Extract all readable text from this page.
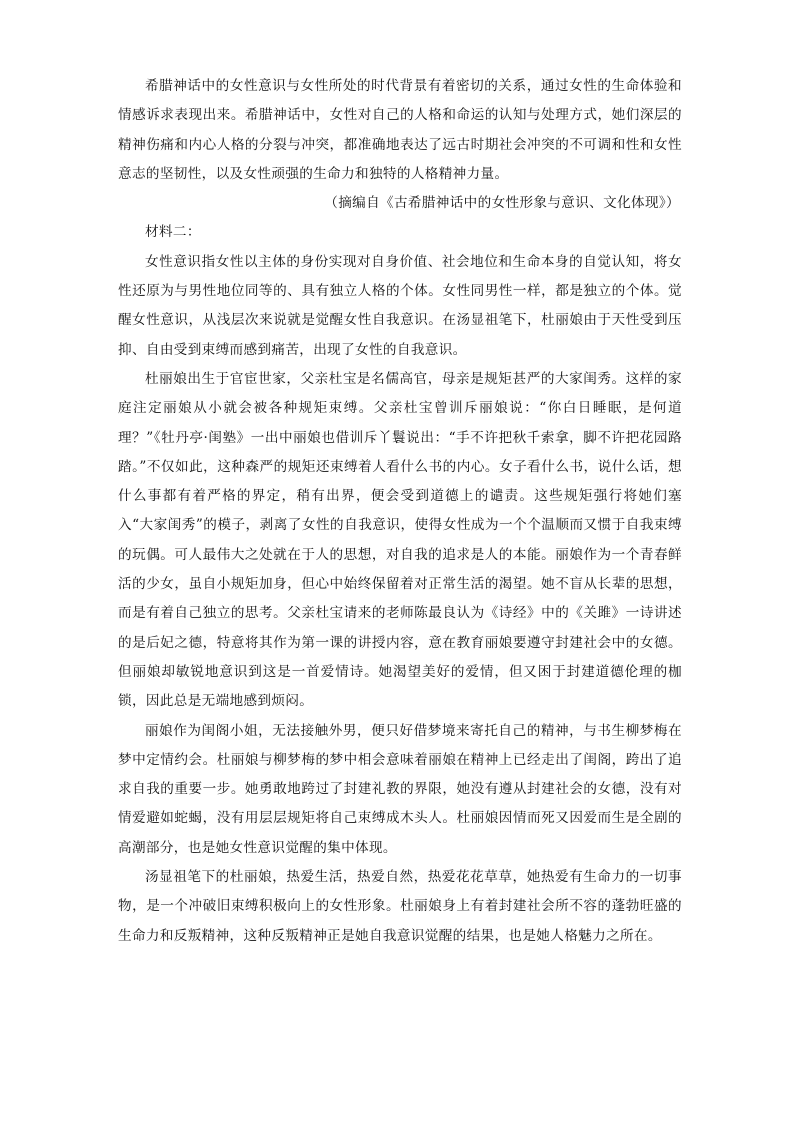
希腊神话中的女性意识与女性所处的时代背景有着密切的关系，通过女性的生命体验和情感诉求表现出来。希腊神话中，女性对自己的人格和命运的认知与处理方式，她们深层的精神伤痛和内心人格的分裂与冲突，都准确地表达了远古时期社会冲突的不可调和性和女性意志的坚韧性，以及女性顽强的生命力和独特的人格精神力量。

（摘编自《古希腊神话中的女性形象与意识、文化体现》）

材料二：

女性意识指女性以主体的身份实现对自身价值、社会地位和生命本身的自觉认知，将女性还原为与男性地位同等的、具有独立人格的个体。女性同男性一样，都是独立的个体。觉醒女性意识，从浅层次来说就是觉醒女性自我意识。在汤显祖笔下，杜丽娘由于天性受到压抑、自由受到束缚而感到痛苦，出现了女性的自我意识。

杜丽娘出生于官宦世家，父亲杜宝是名儒高官，母亲是规矩甚严的大家闺秀。这样的家庭注定丽娘从小就会被各种规矩束缚。父亲杜宝曾训斥丽娘说：“你白日睡眠，是何道理？”《牡丹亭·闺塾》一出中丽娘也借训斥丫鬟说出：“手不许把秋千索拿，脚不许把花园路踏。”不仅如此，这种森严的规矩还束缚着人看什么书的内心。女子看什么书，说什么话，想什么事都有着严格的界定，稍有出界，便会受到道德上的谴责。这些规矩强行将她们塞入“大家闺秀”的模子，剥离了女性的自我意识，使得女性成为一个个温顺而又惯于自我束缚的玩偶。可人最伟大之处就在于人的思想，对自我的追求是人的本能。丽娘作为一个青春鲜活的少女，虽自小规矩加身，但心中始终保留着对正常生活的渴望。她不盲从长辈的思想，而是有着自己独立的思考。父亲杜宝请来的老师陈最良认为《诗经》中的《关雎》一诗讲述的是后妃之德，特意将其作为第一课的讲授内容，意在教育丽娘要遵守封建社会中的女德。但丽娘却敏锐地意识到这是一首爱情诗。她渴望美好的爱情，但又困于封建道德伦理的枷锁，因此总是无端地感到烦闷。

丽娘作为闺阁小姐，无法接触外男，便只好借梦境来寄托自己的精神，与书生柳梦梅在梦中定情约会。杜丽娘与柳梦梅的梦中相会意味着丽娘在精神上已经走出了闺阁，跨出了追求自我的重要一步。她勇敢地跨过了封建礼教的界限，她没有遵从封建社会的女德，没有对情爱避如蛇蝎，没有用层层规矩将自己束缚成木头人。杜丽娘因情而死又因爱而生是全剧的高潮部分，也是她女性意识觉醒的集中体现。

汤显祖笔下的杜丽娘，热爱生活，热爱自然，热爱花花草草，她热爱有生命力的一切事物，是一个冲破旧束缚积极向上的女性形象。杜丽娘身上有着封建社会所不容的蓬勃旺盛的生命力和反叛精神，这种反叛精神正是她自我意识觉醒的结果，也是她人格魅力之所在。
